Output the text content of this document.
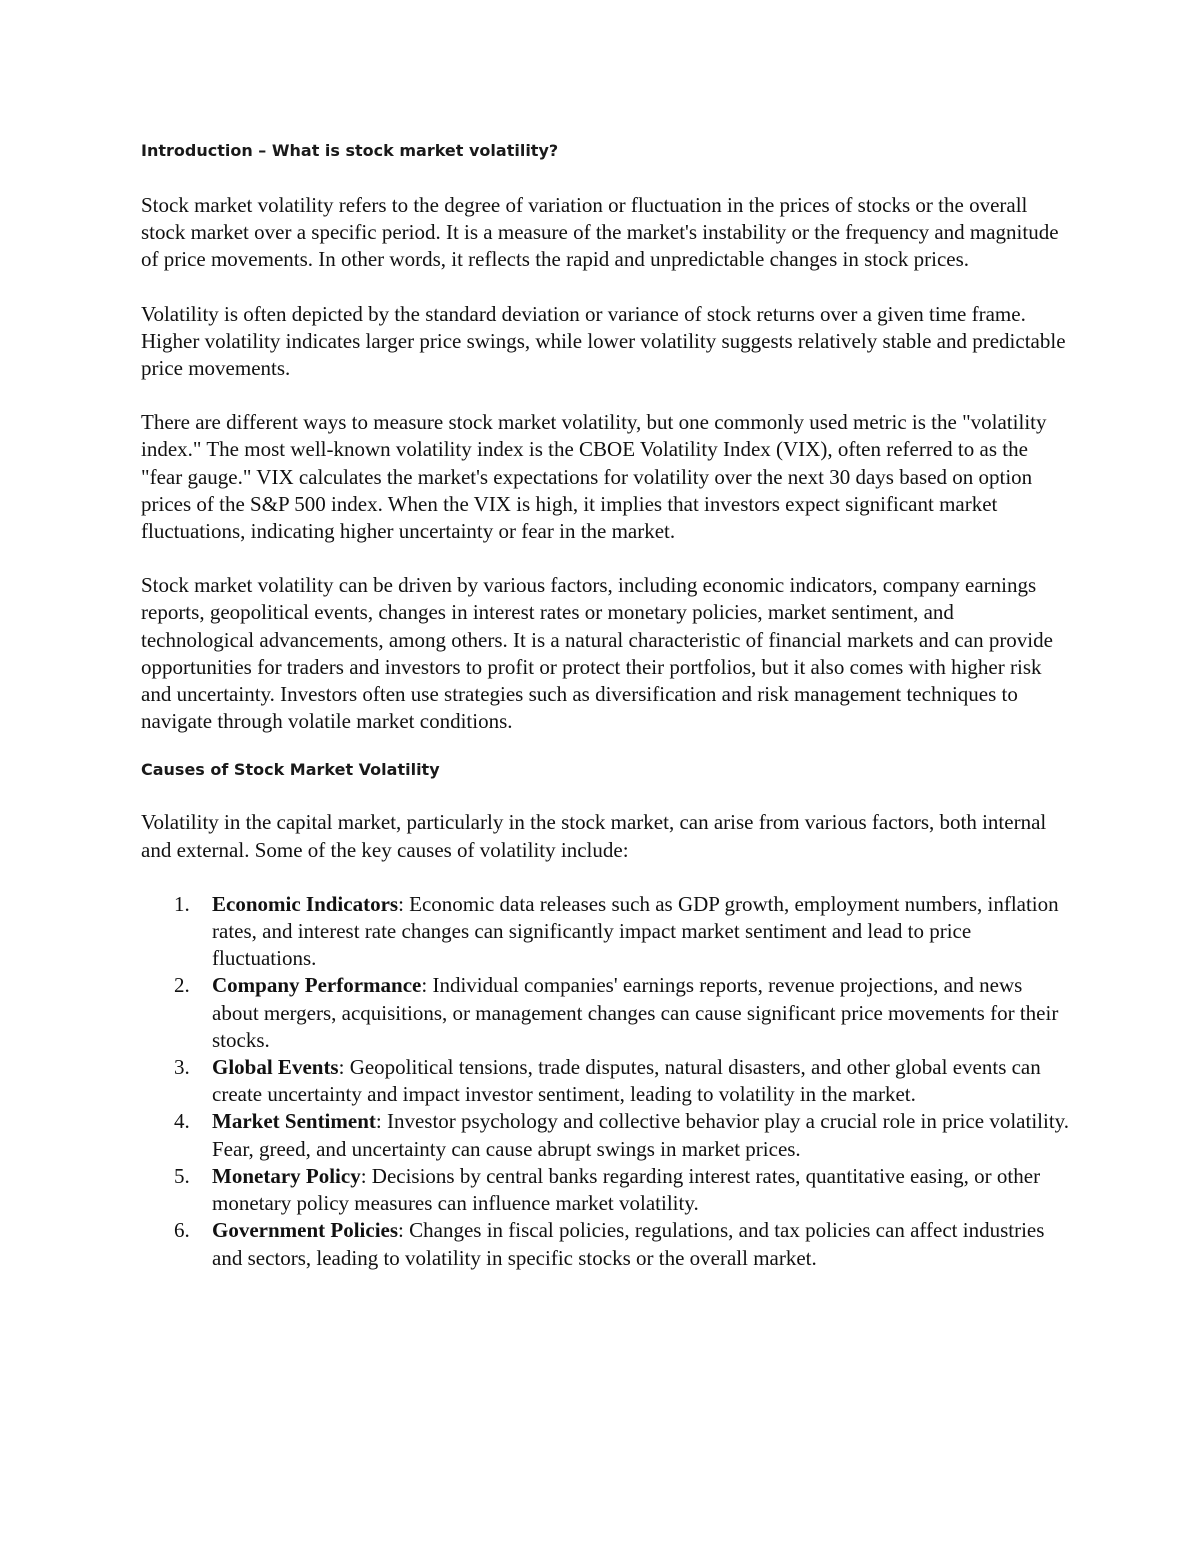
Introduction – What is stock market volatility?

Stock market volatility refers to the degree of variation or fluctuation in the prices of stocks or the overall stock market over a specific period. It is a measure of the market's instability or the frequency and magnitude of price movements. In other words, it reflects the rapid and unpredictable changes in stock prices.

Volatility is often depicted by the standard deviation or variance of stock returns over a given time frame. Higher volatility indicates larger price swings, while lower volatility suggests relatively stable and predictable price movements.

There are different ways to measure stock market volatility, but one commonly used metric is the "volatility index." The most well-known volatility index is the CBOE Volatility Index (VIX), often referred to as the "fear gauge." VIX calculates the market's expectations for volatility over the next 30 days based on option prices of the S&P 500 index. When the VIX is high, it implies that investors expect significant market fluctuations, indicating higher uncertainty or fear in the market.

Stock market volatility can be driven by various factors, including economic indicators, company earnings reports, geopolitical events, changes in interest rates or monetary policies, market sentiment, and technological advancements, among others. It is a natural characteristic of financial markets and can provide opportunities for traders and investors to profit or protect their portfolios, but it also comes with higher risk and uncertainty. Investors often use strategies such as diversification and risk management techniques to navigate through volatile market conditions.

Causes of Stock Market Volatility

Volatility in the capital market, particularly in the stock market, can arise from various factors, both internal and external. Some of the key causes of volatility include:

1. Economic Indicators: Economic data releases such as GDP growth, employment numbers, inflation rates, and interest rate changes can significantly impact market sentiment and lead to price fluctuations.
2. Company Performance: Individual companies' earnings reports, revenue projections, and news about mergers, acquisitions, or management changes can cause significant price movements for their stocks.
3. Global Events: Geopolitical tensions, trade disputes, natural disasters, and other global events can create uncertainty and impact investor sentiment, leading to volatility in the market.
4. Market Sentiment: Investor psychology and collective behavior play a crucial role in price volatility. Fear, greed, and uncertainty can cause abrupt swings in market prices.
5. Monetary Policy: Decisions by central banks regarding interest rates, quantitative easing, or other monetary policy measures can influence market volatility.
6. Government Policies: Changes in fiscal policies, regulations, and tax policies can affect industries and sectors, leading to volatility in specific stocks or the overall market.
